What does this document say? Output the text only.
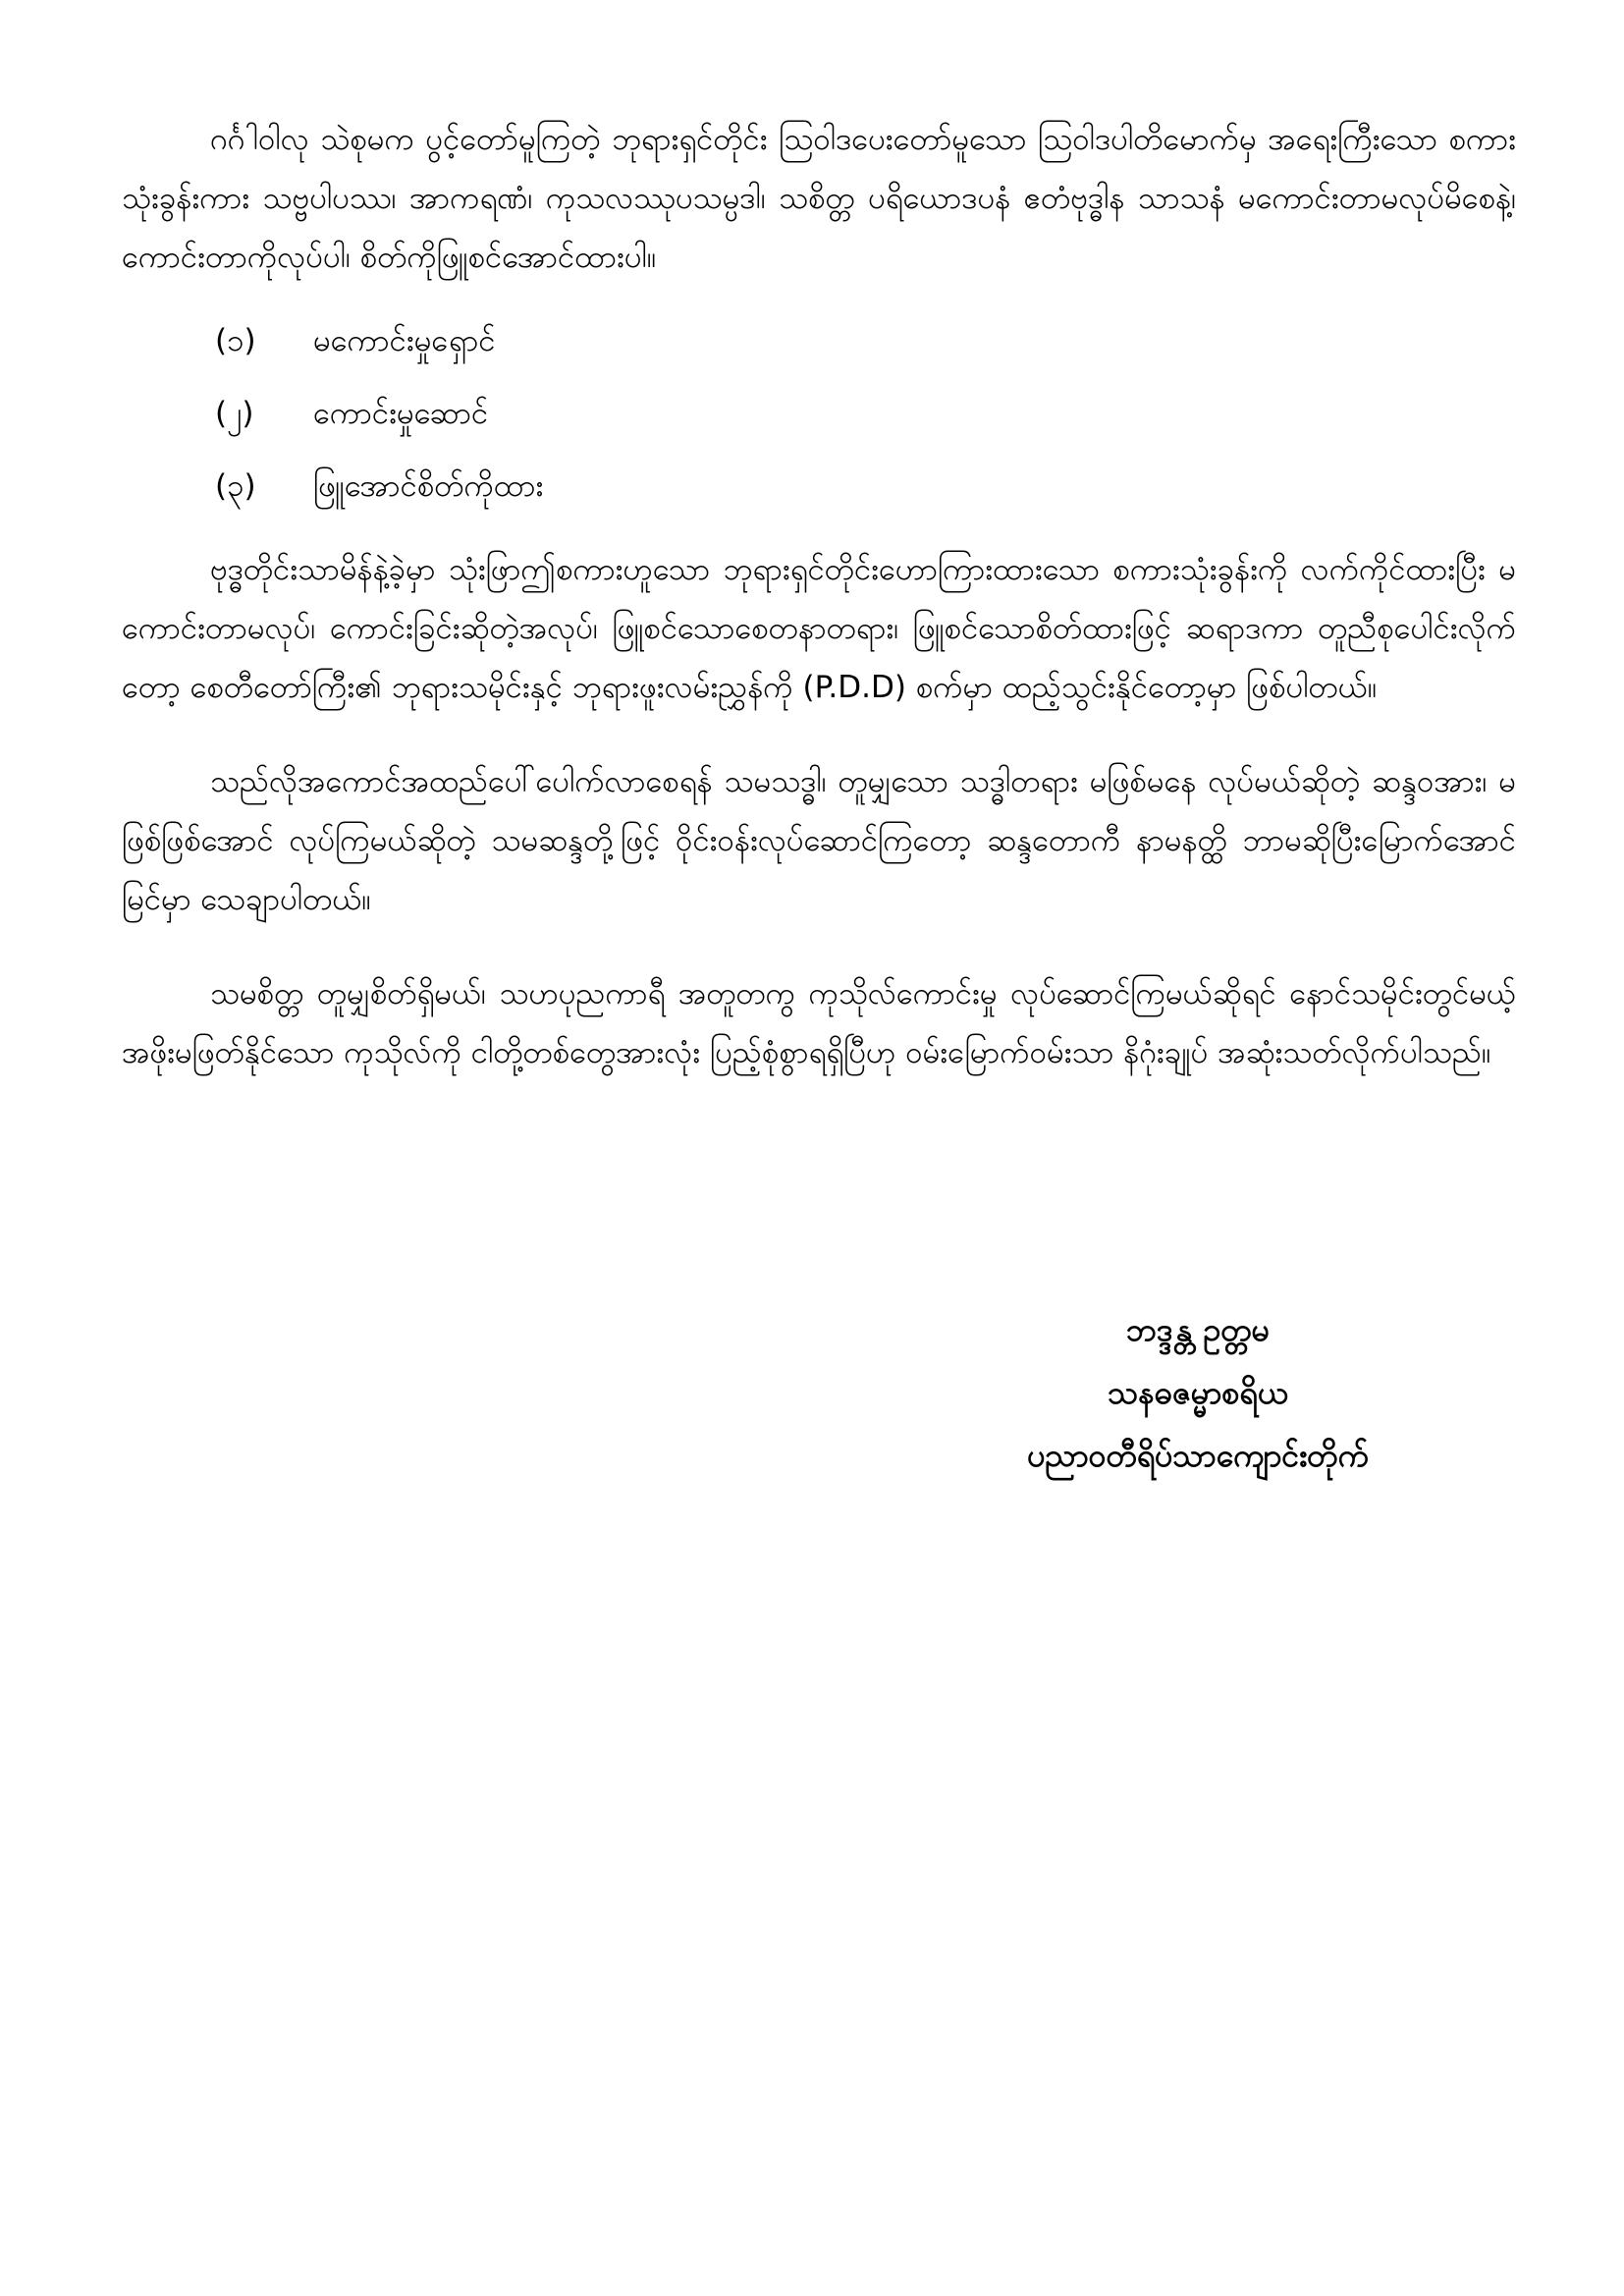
ဂင်္ဂါဝါလု သဲစုမက ပွင့်တော်မူကြတဲ့ ဘုရားရှင်တိုင်း ဩဝါဒပေးတော်မူသော ဩဝါဒပါတိမောက်မှ အရေးကြီးသော စကားသုံးခွန်းကား သဗ္ဗပါပဿ၊ အာကရဏံ၊ ကုသလဿုပသမ္ပဒါ၊ သစိတ္တ ပရိယောဒပနံ ဧတံဗုဒ္ဓါန သာသနံ မကောင်းတာမလုပ်မိစေနဲ့၊ ကောင်းတာကိုလုပ်ပါ၊ စိတ်ကိုဖြူစင်အောင်ထားပါ။

(၁)	မကောင်းမှုရှောင်
(၂)	ကောင်းမှုဆောင်
(၃)	ဖြူအောင်စိတ်ကိုထား

ဗုဒ္ဓတိုင်းသာမိန်နဲ့ခဲ့မှာ သုံးဖြာဤစကားဟူသော ဘုရားရှင်တိုင်းဟောကြားထားသော စကားသုံးခွန်းကို လက်ကိုင်ထားပြီး မကောင်းတာမလုပ်၊ ကောင်းခြင်းဆိုတဲ့အလုပ်၊ ဖြူစင်သောစေတနာတရား၊ ဖြူစင်သောစိတ်ထားဖြင့် ဆရာဒကာ တူညီစုပေါင်းလိုက်တော့ စေတီတော်ကြီး၏ ဘုရားသမိုင်းနှင့် ဘုရားဖူးလမ်းညွှန်ကို (P.D.D) စက်မှာ ထည့်သွင်းနိုင်တော့မှာ ဖြစ်ပါတယ်။

သည်လိုအကောင်အထည်ပေါ်ပေါက်လာစေရန် သမသဒ္ဓါ၊ တူမျှသော သဒ္ဓါတရား မဖြစ်မနေ လုပ်မယ်ဆိုတဲ့ ဆန္ဒဝအား၊ မဖြစ်ဖြစ်အောင် လုပ်ကြမယ်ဆိုတဲ့ သမဆန္ဒတို့ဖြင့် ဝိုင်းဝန်းလုပ်ဆောင်ကြတော့ ဆန္ဒတောကီ နာမနတ္ထိ ဘာမဆိုပြီးမြောက်အောင်မြင်မှာ သေချာပါတယ်။

သမစိတ္တ တူမျှစိတ်ရှိမယ်၊ သဟပုညကာရီ အတူတကွ ကုသိုလ်ကောင်းမှု လုပ်ဆောင်ကြမယ်ဆိုရင် နောင်သမိုင်းတွင်မယ့် အဖိုးမဖြတ်နိုင်သော ကုသိုလ်ကို ငါတို့တစ်တွေအားလုံး ပြည့်စုံစွာရရှိပြီဟု ဝမ်းမြောက်ဝမ်းသာ နိဂုံးချုပ် အဆုံးသတ်လိုက်ပါသည်။

ဘဒ္ဒန္တ ဥတ္တမ
သနဓဇမ္မာစရိယ
ပညာဝတီရိပ်သာကျောင်းတိုက်
